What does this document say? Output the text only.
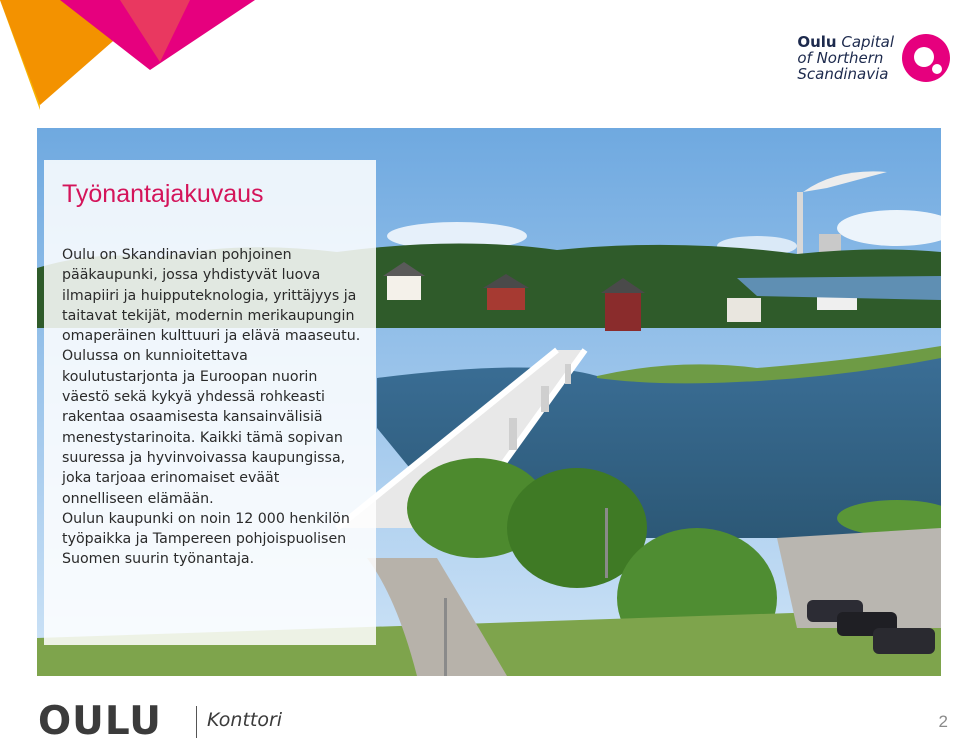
Oulu Capital
of Northern
Scandinavia
Työnantajakuvaus

Oulu on Skandinavian pohjoinen pääkaupunki, jossa yhdistyvät luova ilmapiiri ja huipputeknologia, yrittäjyys ja taitavat tekijät, modernin merikaupungin omaperäinen kulttuuri ja elävä maaseutu.

Oulussa on kunnioitettava koulutustarjonta ja Euroopan nuorin väestö sekä kykyä yhdessä rohkeasti rakentaa osaamisesta kansainvälisiä menestystarinoita. Kaikki tämä sopivan suuressa ja hyvinvoivassa kaupungissa, joka tarjoaa erinomaiset eväät onnelliseen elämään.

Oulun kaupunki on noin 12 000 henkilön työpaikka ja Tampereen pohjoispuolisen Suomen suurin työnantaja.

OULU Konttori	2
